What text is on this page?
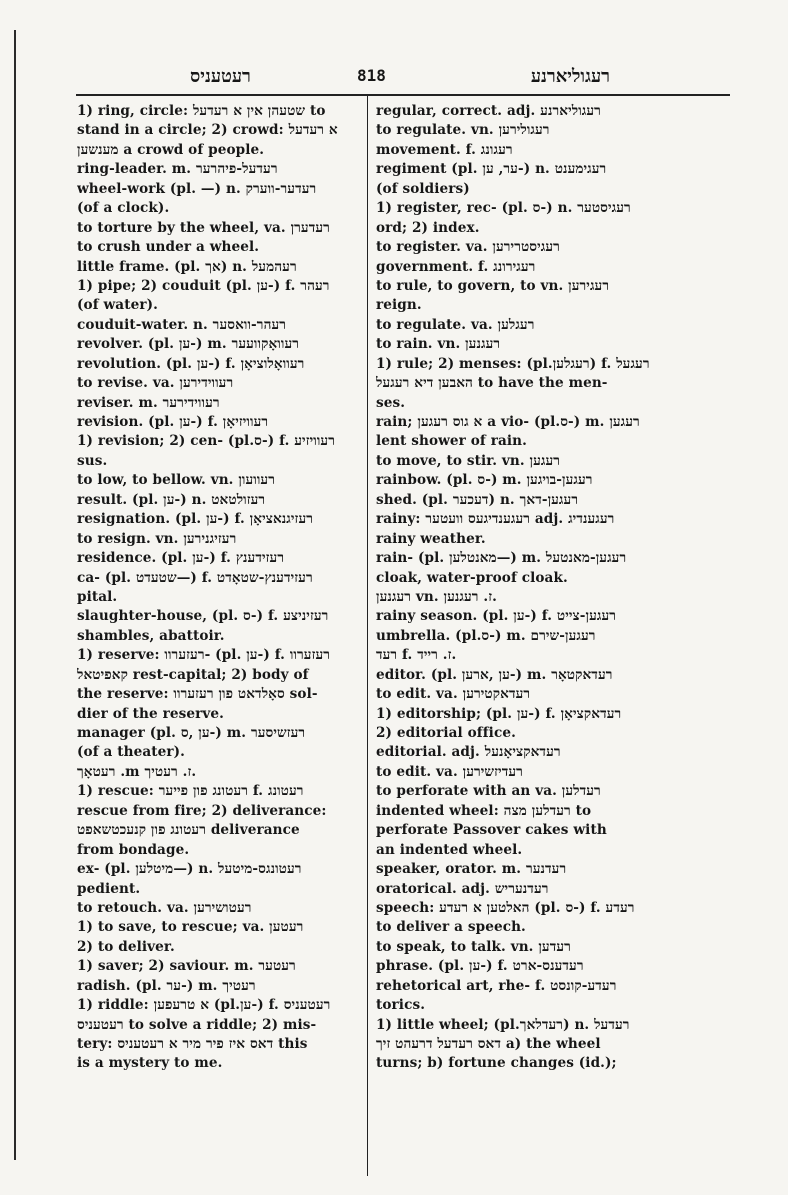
רעטעניס	818	רעגוליארנע
1) ring, circle: שטעהן אין א רעדעל to
stand in a circle; 2) crowd: א רעדעל
מענשען a crowd of people.
ring-leader. m. רעדעל-פיהרער
wheel-work (pl. —) n. רעדער-ווערק
(of a clock).
to torture by the wheel, va. רעדערן
to crush under a wheel.
little frame. (pl. אך) n. רעהמעל
1) pipe; 2) couduit (pl. ען-) f. רעהר
(of water).
couduit-water. n. רעהר-וואסער
revolver. (pl. ען-) m. רעוואָקוועער
revolution. (pl. ען-) f. רעוואָלוציאָן
to revise. va. רעווידירען
reviser. m. רעווידירער
revision. (pl. ען-) f. רעוויזיאָן
1) revision; 2) cen- (pl.ס-) f. רעוויזיע
sus.
to low, to bellow. vn. רעוועון
result. (pl. ען-) n. רעזולטאט
resignation. (pl. ען-) f. רעזיגנאציאָן
to resign. vn. רעזיגנירען
residence. (pl. ען-) f. רעזידענץ
ca- (pl. שטעדט—) f. רעזידענץ-שטאָדט
pital.
slaughter-house, (pl. ס-) f. רעזיניצע
shambles, abattoir.
1) reserve: רעזערוו- (pl. ען-) f. רעזערוו
קאפיטאל rest-capital; 2) body of
the reserve: סאָלדאט פון רעזערוו sol-
dier of the reserve.
manager (pl. ען ,ס-) m. רעזשיסער
(of a theater).
רעטאָך .m ז. רעטיך.
1) rescue: רעטונג פון פייער f. רעטונג
rescue from fire; 2) deliverance:
רעטונג פון קנעכטשאפט deliverance
from bondage.
ex- (pl. מיטלען—) n. רעטונגס-מיטעל
pedient.
to retouch. va. רעטושירען
1) to save, to rescue; va. רעטען
2) to deliver.
1) saver; 2) saviour. m. רעטער
radish. (pl. ער-) m. רעטיך
1) riddle: א טרעפען (pl.ען-) f. רעטעניס
רעטעניס to solve a riddle; 2) mis-
tery: דאס איז פיר מיר א רעטעניס this
is a mystery to me.
regular, correct. adj. רעגוליארנע
to regulate. vn. רעגולירען
movement. f. רעגונג
regiment (pl. ער, ען-) n. רעגימענט
(of soldiers)
1) register, rec- (pl. ס-) n. רעגיסטער
ord; 2) index.
to register. va. רעגיסטרירען
government. f. רעגירונג
to rule, to govern, to vn. רעגירען
reign.
to regulate. va. רעגלען
to rain. vn. רעגנען
1) rule; 2) menses: (pl.רעגלען) f. רעגעל
האבען דיא רעגעל to have the men-
ses.
rain; א גוס רעגען a vio- (pl.ס-) m. רעגען
lent shower of rain.
to move, to stir. vn. רעגען
rainbow. (pl. ס-) m. רעגען-בויגען
shed. (pl. דעכער) n. רעגען-דאך
rainy: רעגענדיגעס וועטער adj. רעגענדיג
rainy weather.
rain- (pl. מאנטלען—) m. רעגען-מאנטעל
cloak, water-proof cloak.
רעגנען vn. ז. רעגנען.
rainy season. (pl. ען-) f. רעגען-צייט
umbrella. (pl.ס-) m. רעגען-שירם
רעד f. ז. רייד.
editor. (pl. ען ,ארען-) m. רעדאקטאָר
to edit. va. רעדאקטירען
1) editorship; (pl. ען-) f. רעדאקציאָן
2) editorial office.
editorial. adj. רעדאקציאָנעל
to edit. va. רעדיזשירען
to perforate with an va. רעדלען
indented wheel: רעדלען מצה to
perforate Passover cakes with
an indented wheel.
speaker, orator. m. רעדנער
oratorical. adj. רעדנעריש
speech: האלטען א רעדע (pl. ס-) f. רעדע
to deliver a speech.
to speak, to talk. vn. רעדען
phrase. (pl. ען-) f. רעדענס-ארט
rehetorical art, rhe- f. רעדע-קונסט
torics.
1) little wheel; (pl.רעדלאך) n. רעדעל
דאס רעדעל דרעהט זיך a) the wheel
turns; b) fortune changes (id.);
